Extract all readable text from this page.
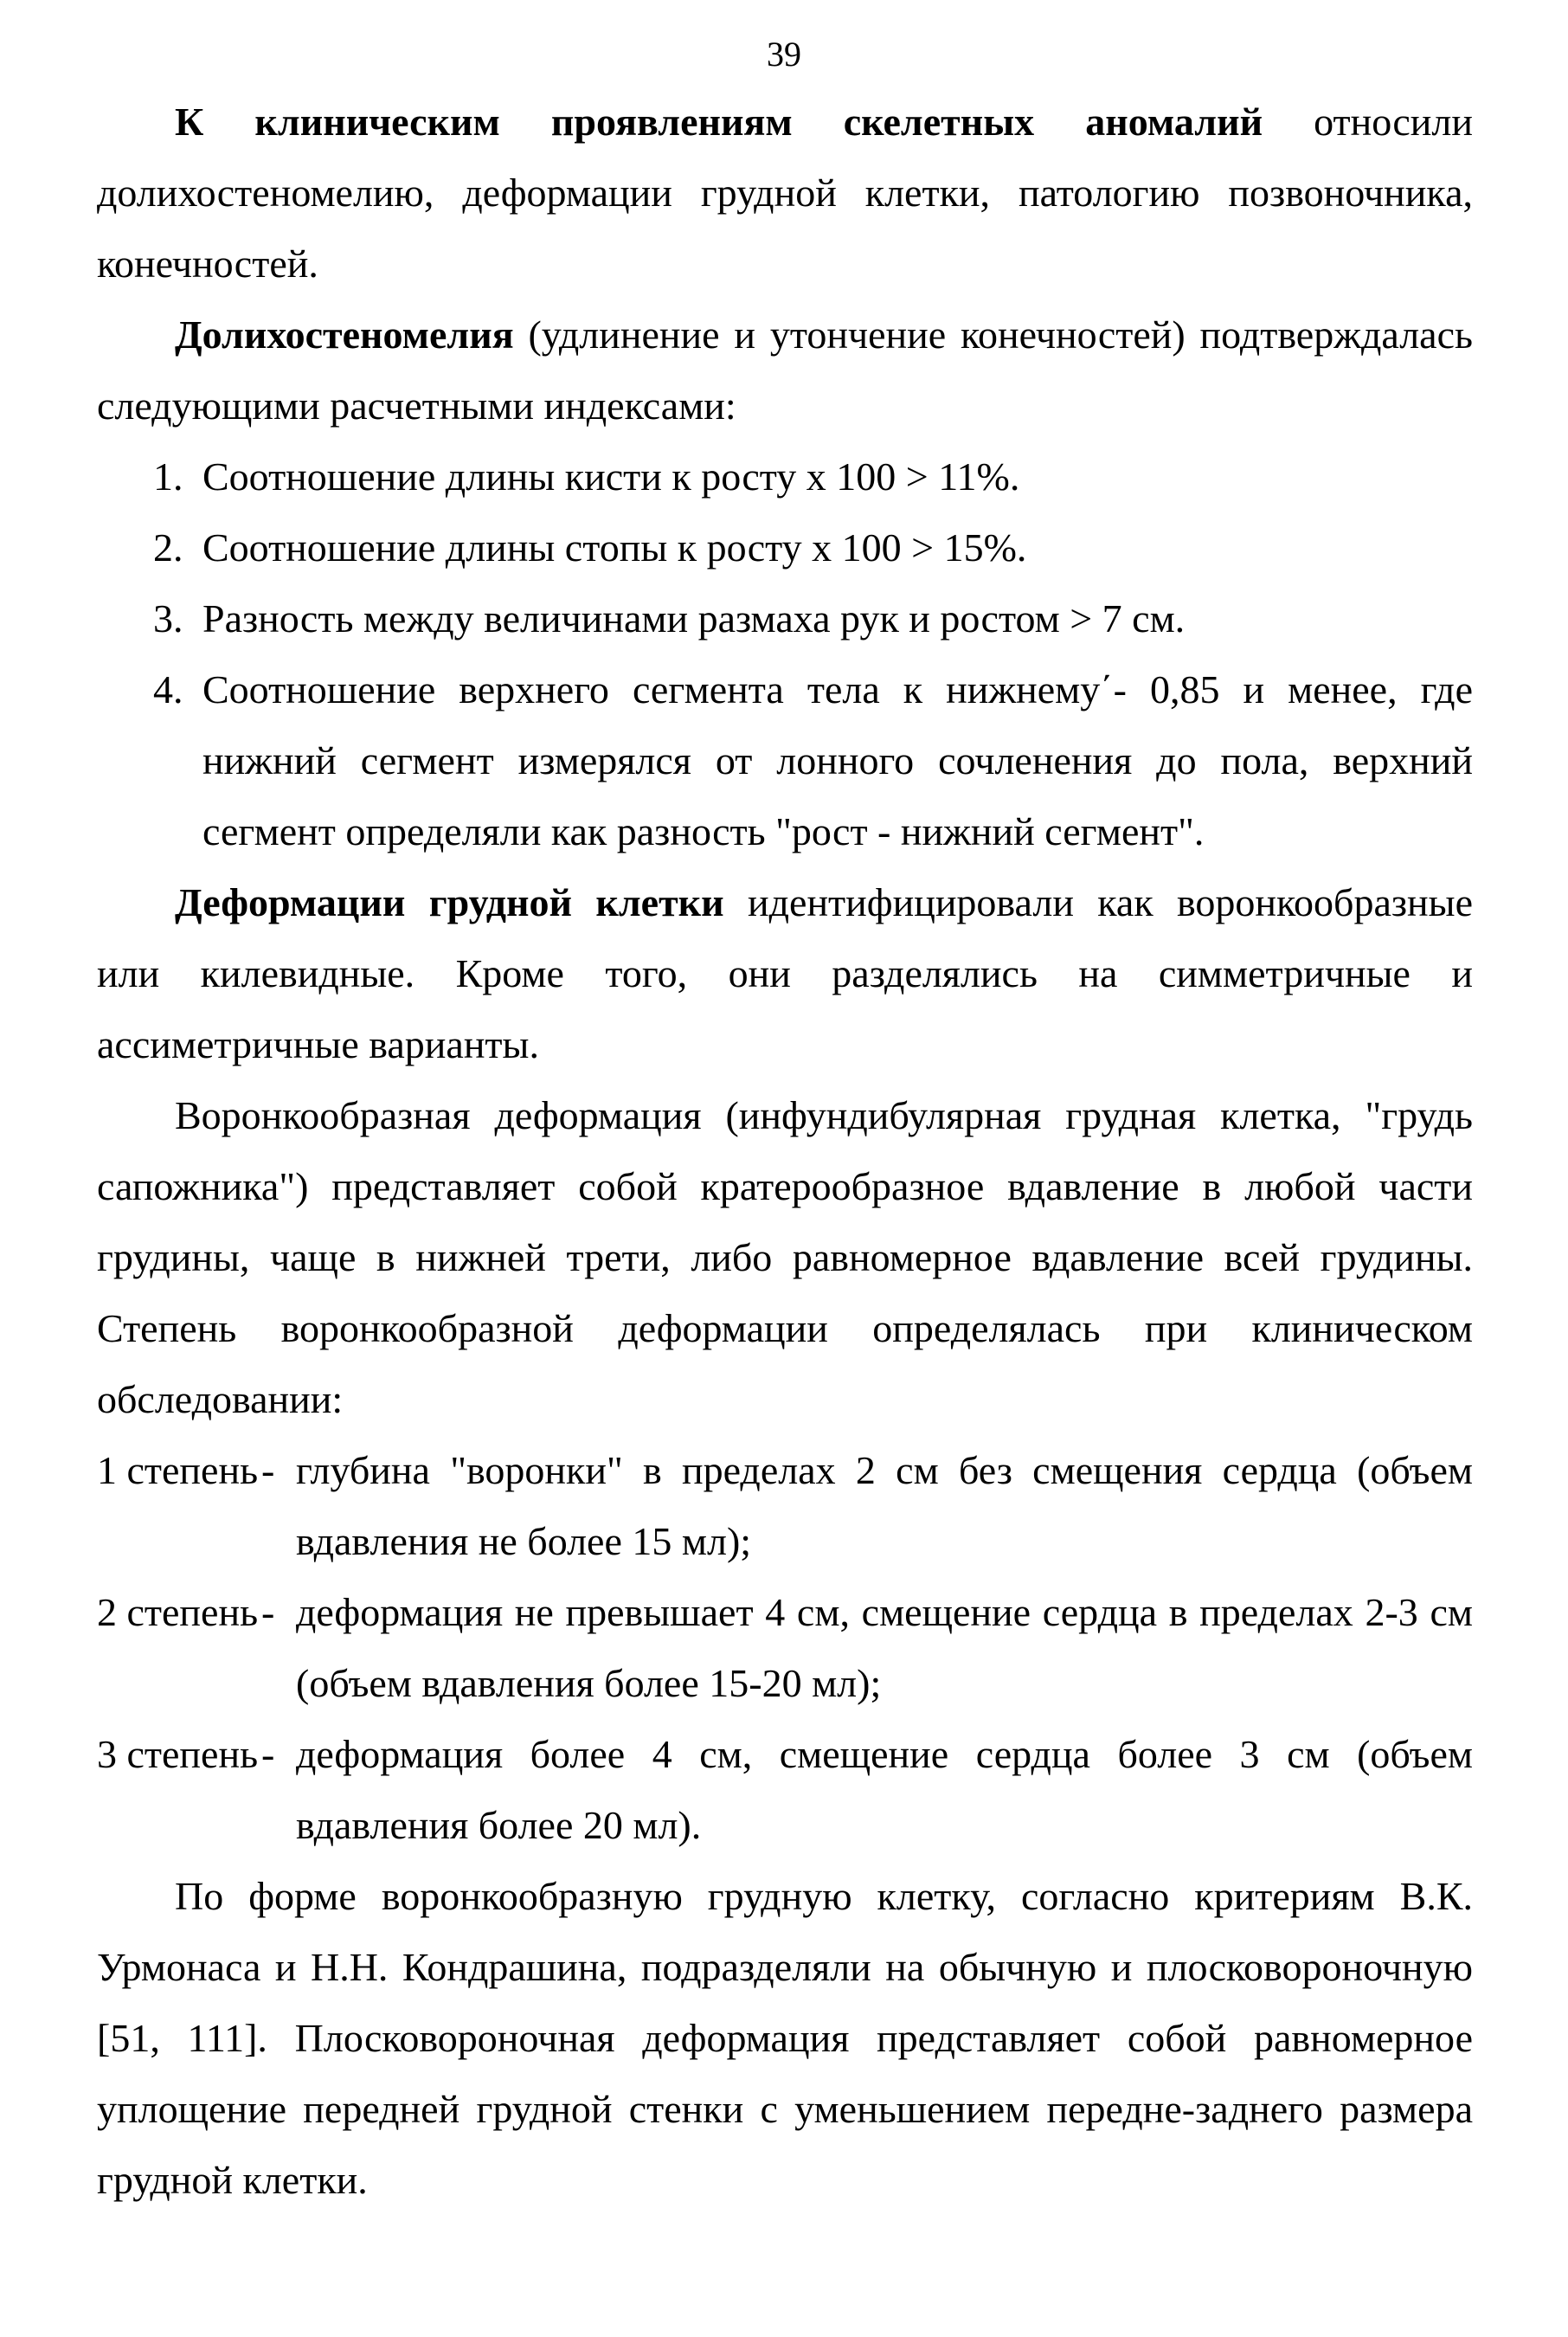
39

К клиническим проявлениям скелетных аномалий относили долихостеномелию, деформации грудной клетки, патологию позвоночника, конечностей.

Долихостеномелия (удлинение и утончение конечностей) подтверждалась следующими расчетными индексами:

1. Соотношение длины кисти к росту х 100 > 11%.
2. Соотношение длины стопы к росту х 100 > 15%.
3. Разность между величинами размаха рук и ростом > 7 см.
4. Соотношение верхнего сегмента тела к нижнему΄- 0,85 и менее, где нижний сегмент измерялся от лонного сочленения до пола, верхний сегмент определяли как разность "рост - нижний сегмент".

Деформации грудной клетки идентифицировали как воронкообразные или килевидные. Кроме того, они разделялись на симметричные и ассиметричные варианты.

Воронкообразная деформация (инфундибулярная грудная клетка, "грудь сапожника") представляет собой кратерообразное вдавление в любой части грудины, чаще в нижней трети, либо равномерное вдавление всей грудины. Степень воронкообразной деформации определялась при клиническом обследовании:

1 степень - глубина "воронки" в пределах 2 см без смещения сердца (объем вдавления не более 15 мл);
2 степень - деформация не превышает 4 см, смещение сердца в пределах 2-3 см (объем вдавления более 15-20 мл);
3 степень - деформация более 4 см, смещение сердца более 3 см (объем вдавления более 20 мл).

По форме воронкообразную грудную клетку, согласно критериям В.К. Урмонаса и Н.Н. Кондрашина, подразделяли на обычную и плосковороночную [51, 111]. Плосковороночная деформация представляет собой равномерное уплощение передней грудной стенки с уменьшением передне-заднего размера грудной клетки.
